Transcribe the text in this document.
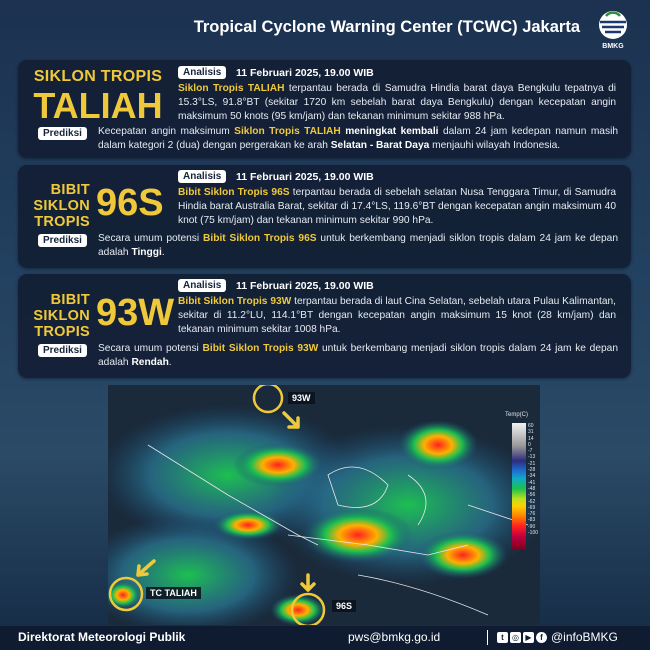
Tropical Cyclone Warning Center (TCWC) Jakarta
BMKG
SIKLON TROPIS
TALIAH
Analisis	11 Februari 2025, 19.00 WIB
Siklon Tropis TALIAH terpantau berada di Samudra Hindia barat daya Bengkulu tepatnya di 15.3°LS, 91.8°BT (sekitar 1720 km sebelah barat daya Bengkulu) dengan kecepatan angin maksimum 50 knots (95 km/jam) dan tekanan minimum sekitar 988 hPa.
Prediksi	Kecepatan angin maksimum Siklon Tropis TALIAH meningkat kembali dalam 24 jam kedepan namun masih dalam kategori 2 (dua) dengan pergerakan ke arah Selatan - Barat Daya menjauhi wilayah Indonesia.
BIBIT
SIKLON
TROPIS 96S
Analisis	11 Februari 2025, 19.00 WIB
Bibit Siklon Tropis 96S terpantau berada di sebelah selatan Nusa Tenggara Timur, di Samudra Hindia barat Australia Barat, sekitar di 17.4°LS, 119.6°BT dengan kecepatan angin maksimum 40 knot (75 km/jam) dan tekanan minimum sekitar 990 hPa.
Prediksi	Secara umum potensi Bibit Siklon Tropis 96S untuk berkembang menjadi siklon tropis dalam 24 jam ke depan adalah Tinggi.
BIBIT
SIKLON
TROPIS 93W
Analisis	11 Februari 2025, 19.00 WIB
Bibit Siklon Tropis 93W terpantau berada di laut Cina Selatan, sebelah utara Pulau Kalimantan, sekitar di 11.2°LU, 114.1°BT dengan kecepatan angin maksimum 15 knot (28 km/jam) dan tekanan minimum sekitar 1008 hPa.
Prediksi	Secara umum potensi Bibit Siklon Tropis 93W untuk berkembang menjadi siklon tropis dalam 24 jam ke depan adalah Rendah.
93W
TC TALIAH
96S
Temp(C)
60
31
14
0
-7
-13
-21
-28
-34
-41
-48
-56
-62
-69
-76
-83
-90
-100
Direktorat Meteorologi Publik	pws@bmkg.go.id	t	◎ ▶	f @infoBMKG
